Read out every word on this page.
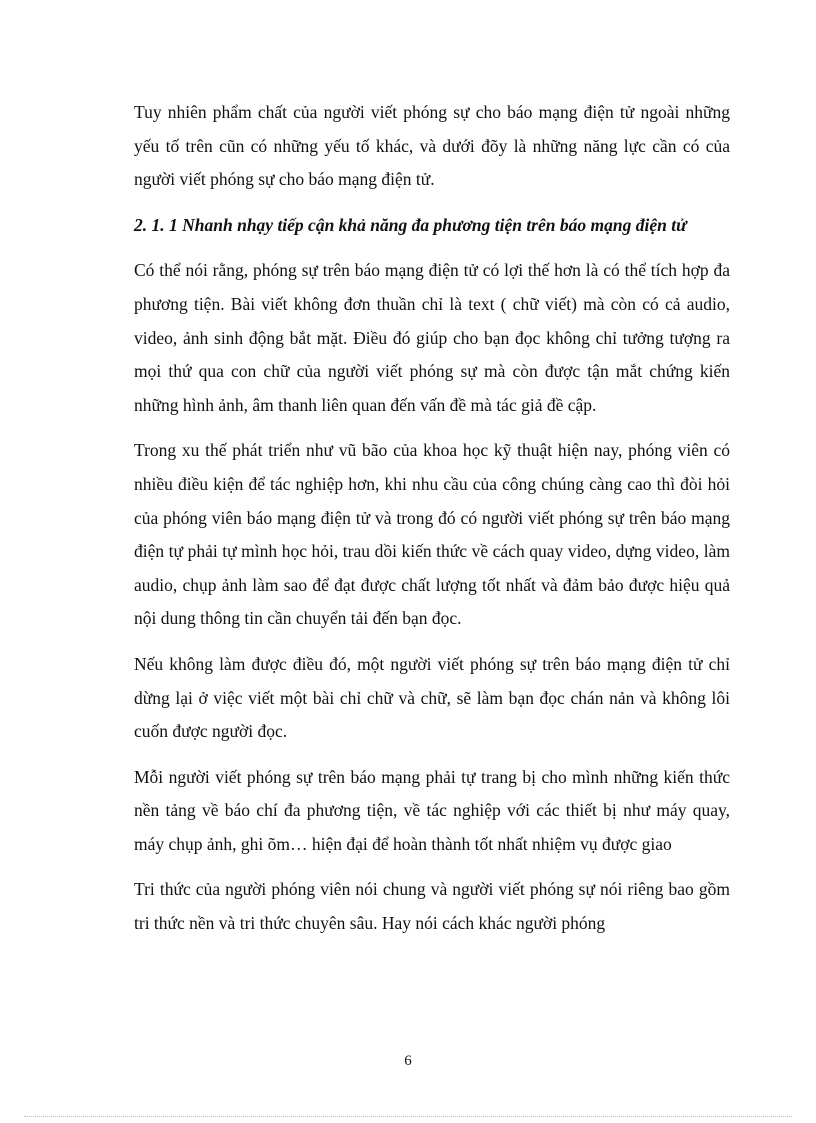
Tuy nhiên phẩm chất của người viết phóng sự cho báo mạng điện tử ngoài những yếu tố trên cũn có những yếu tố khác, và dưới đõy là những năng lực cần có của người viết phóng sự cho báo mạng điện tử.

2. 1. 1 Nhanh nhạy tiếp cận khả năng đa phương tiện trên báo mạng điện tử

Có thể nói rằng, phóng sự trên báo mạng điện tử có lợi thế hơn là có thể tích hợp đa phương tiện. Bài viết không đơn thuần chỉ là text ( chữ viết) mà còn có cả audio, video, ảnh sinh động bắt mặt. Điều đó giúp cho bạn đọc không chỉ tưởng tượng ra mọi thứ qua con chữ của người viết phóng sự mà còn được tận mắt chứng kiến những hình ảnh, âm thanh liên quan đến vấn đề mà tác giả đề cập.

Trong xu thế phát triển như vũ bão của khoa học kỹ thuật hiện nay, phóng viên có nhiều điều kiện để tác nghiệp hơn, khi nhu cầu của công chúng càng cao thì đòi hỏi của phóng viên báo mạng điện tử và trong đó có người viết phóng sự trên báo mạng điện tự phải tự mình học hỏi, trau dồi kiến thức về cách quay video, dựng video, làm audio, chụp ảnh làm sao để đạt được chất lượng tốt nhất và đảm bảo được hiệu quả nội dung thông tin cần chuyển tải đến bạn đọc.

Nếu không làm được điều đó, một người viết phóng sự trên báo mạng điện tử chỉ dừng lại ở việc viết một bài chỉ chữ và chữ, sẽ làm bạn đọc chán nản và không lôi cuốn được người đọc.

Mỗi người viết phóng sự trên báo mạng phải tự trang bị cho mình những kiến thức nền tảng về báo chí đa phương tiện, về tác nghiệp với các thiết bị như máy quay, máy chụp ảnh, ghi õm… hiện đại để hoàn thành tốt nhất nhiệm vụ được giao

Tri thức của người phóng viên nói chung và người viết phóng sự nói riêng bao gồm tri thức nền và tri thức chuyên sâu. Hay nói cách khác người phóng

6
